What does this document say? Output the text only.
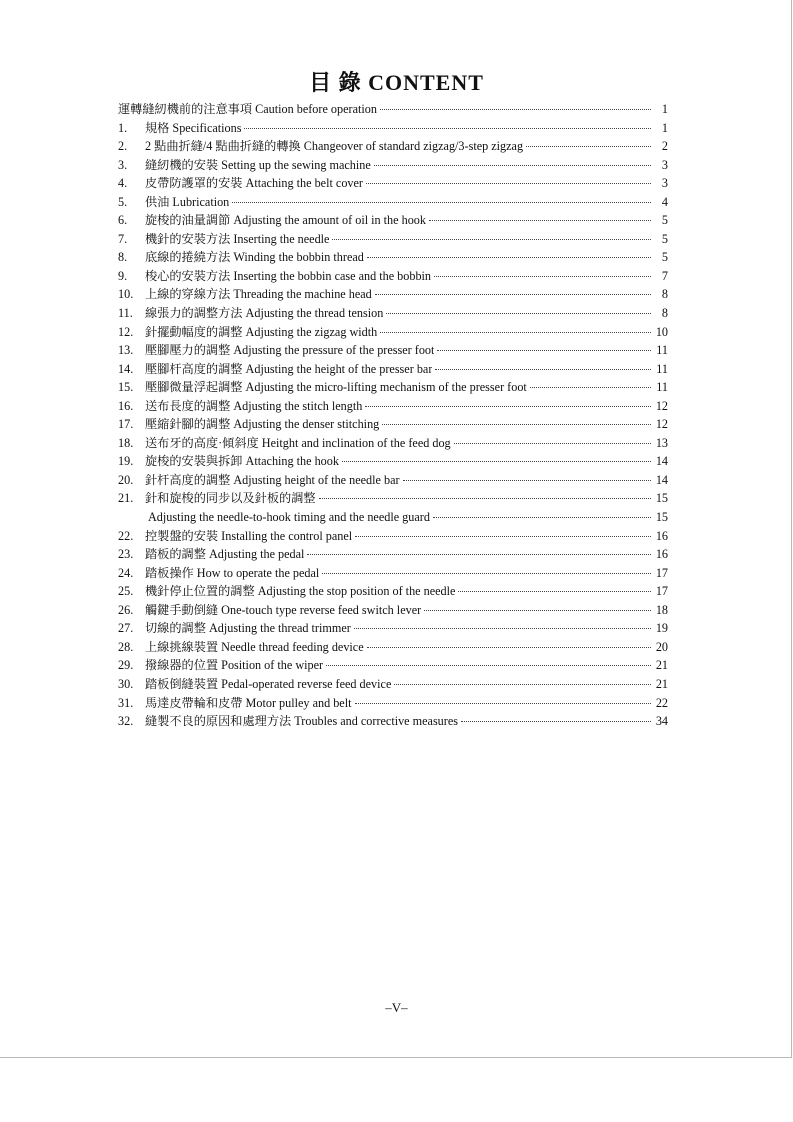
目 錄 CONTENT
運轉縫紉機前的注意事項 Caution before operation	1
1.	規格 Specifications	1
2.	2 點曲折縫/4 點曲折縫的轉換 Changeover of standard zigzag/3-step zigzag	2
3.	縫紉機的安裝 Setting up the sewing machine	3
4.	皮帶防護罩的安裝 Attaching the belt cover	3
5.	供油 Lubrication	4
6.	旋梭的油量調節 Adjusting the amount of oil in the hook	5
7.	機針的安裝方法 Inserting the needle	5
8.	底線的捲繞方法 Winding the bobbin thread	5
9.	梭心的安裝方法 Inserting the bobbin case and the bobbin	7
10. 上線的穿線方法 Threading the machine head	8
11.	線張力的調整方法 Adjusting the thread tension	8
12. 針擺動幅度的調整 Adjusting the zigzag width	10
13. 壓腳壓力的調整 Adjusting the pressure of the presser foot	11
14. 壓腳杆高度的調整 Adjusting the height of the presser bar	11
15. 壓腳微量浮起調整 Adjusting the micro-lifting mechanism of the presser foot	11
16. 送布長度的調整 Adjusting the stitch length	12
17. 壓縮針腳的調整 Adjusting the denser stitching	12
18. 送布牙的高度·傾斜度 Heitght and inclination of the feed dog	13
19. 旋梭的安裝與拆卸 Attaching the hook	14
20. 針杆高度的調整 Adjusting height of the needle bar	14
21. 針和旋梭的同步以及針板的調整	15
Adjusting the needle-to-hook timing and the needle guard	15
22. 控製盤的安裝 Installing the control panel	16
23. 踏板的調整 Adjusting the pedal	16
24. 踏板操作 How to operate the pedal	17
25. 機針停止位置的調整 Adjusting the stop position of the needle	17
26. 觸鍵手動倒縫 One-touch type reverse feed switch lever	18
27. 切線的調整 Adjusting the thread trimmer	19
28. 上線挑線裝置 Needle thread feeding device	20
29. 撥線器的位置 Position of the wiper	21
30. 踏板倒縫裝置 Pedal-operated reverse feed device	21
31. 馬達皮帶輪和皮帶 Motor pulley and belt	22
32. 縫製不良的原因和處理方法 Troubles and corrective measures	34
–V–
